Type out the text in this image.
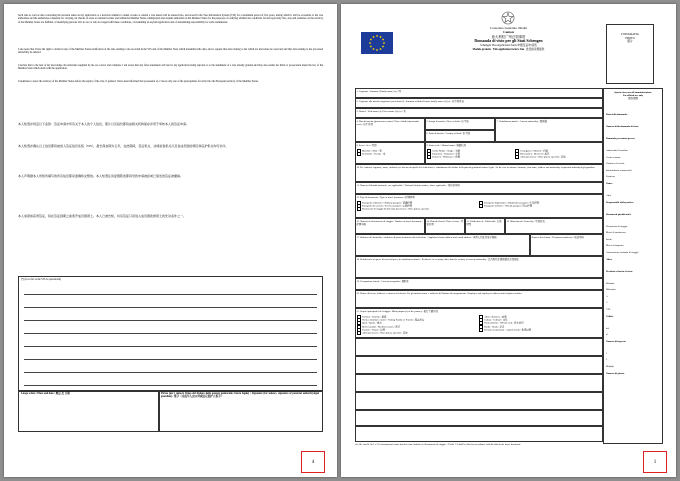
Such data as well as data concerning the decision taken on my application or a decision whether to annul, revoke or extend a visa issued will be entered into, and stored in the Visa Information System (VIS) for a maximum period of five years, during which it will be accessible to the visa authorities and the authorities competent for carrying out checks on visas at external borders and within the Member States, immigration and asylum authorities in the Member States for the purposes of verifying whether the conditions for the legal entry into, stay and residence on the territory of the Member States are fulfilled, of identifying persons who do not or who no longer fulfil these conditions, of examining an asylum application and of determining responsibility for such examination.
I am aware that I have the right to obtain in any of the Member States notification of the data relating to me recorded in the VIS and of the Member State which transmitted the data, and to request that data relating to me which are inaccurate be corrected and that data relating to me processed unlawfully be deleted.
I declare that to the best of my knowledge all particulars supplied by me are correct and complete. I am aware that any false statements will lead to my application being rejected or to the annulment of a visa already granted and may also render me liable to prosecution under the law of the Member State which deals with the application.
I undertake to leave the territory of the Member States before the expiry of the visa, if granted. I have been informed that possession of a visa is only one of the prerequisites for entry into the European territory of the Member States.
本人知悉并同意以下条款：签证申请中所有关于本人的个人信息，照片以及指纹都将由相关机构保存并用于审核本人的签证申请。
本人知悉并确认以上信息都将被录入签证信息系统（VIS），最长保存期为五年，在此期间，签证机关、边境检查机关以及各成员国的移民和庇护机关均可访问。
本人声明据本人所知所填写的所有信息都是准确和完整的。本人知悉任何虚假陈述都将导致申请被拒或已颁发的签证被撤销。
本人承诺如获得签证，将在签证到期之前离开成员国领土。本人已被告知，持有签证只是进入成员国欧洲领土的先决条件之一。
(*) (in so far as the VIS is operational)
Luogo e data / Place and date / 地点 及 日期	Firma (per i minori, firma del titolare della potestà genitoriale /tutore legale) / Signature (for minors, signature of parental authority/legal guardian) / 签字（未成年人由父母或法定监护人签字）
4
Consolato Generale d'Italia
Canton
意大利驻广州总领事馆
Domanda di visto per gli Stati Schengen
Schengen Visa Application form 申根签证申请表
Modulo gratuito This application form is free 此表格免费提供
FOTOGRAFIA
PHOTO
照片
1. Cognome / Surname (Family name) (x) / 姓
2. Cognome alla nascita (cognome/i precedente/i) / Surname at birth (Former family name (s)) (x) / 出生时姓氏
3. Nome/i / First name (s) (Given name (s)) (x) / 名
4. Data di nascita (giorno-mese-anno) / Date of birth (day-month-year) / 出生日期
5. Luogo di nascita / Place of birth / 出生地
6. Stato di nascita / Country of birth / 出生国
7. Cittadinanza attuale / Current nationality / 现国籍
8. Sesso / Sex / 性别	9. Stato civile / Marital status / 婚姻状况
10. Per i minori: cognome, nome, indirizzo (se diverso da quello del richiedente) e cittadinanza del titolare della potestà genitoriale/tutore legale / In the case of minors: Surname, first name, address and nationality of parental authority/legal guardian
11. Numero d'identità nazionale, ove applicabile / National identity number, where applicable / 身份证号码
12. Tipo di documento / Type of travel document / 护照种类
13. Numero del documento di viaggio / Number of travel document / 护照号码
14. Data di rilascio / Date of issue / 签发日期
15. Valido fino al / Valid until / 有效期至
16. Rilasciato da / Issued by / 签发机关
17. Indirizzo del domicilio e indirizzo di posta elettronica del richiedente / Applicant's home address and e-mail address / 申请人住址及电子邮箱	Numero di telefono / Telephone number(s) / 电话号码
18. Residenza in un paese diverso dal paese di cittadinanza attuale / Residence in a country other than the country of current nationality / 是否居住在现国籍以外的国家
19. Occupazione attuale / Current occupation / 现职业
20. Datore di lavoro, indirizzo e numero di telefono. Per gli studenti nome e indirizzo dell'istituto di insegnamento / Employer and employer's address and telephone number
21. Scopo/i principale/i del viaggio / Main purpose(s) of the journey / 旅行主要目的
Maschile / Male / 男
Femminile / Female / 女
Celibe/Nubile / Single / 未婚	Coniugato/a / Married / 已婚
Separato/a / Separated / 分居	Divorziato/a / Divorced / 离异
Vedovo/a / Widow(er) / 丧偶	Altro (precisare) / Other (please specify) / 其他
Passaporto ordinario / Ordinary passport / 普通护照	Passaporto diplomatico / Diplomatic passport / 外交护照
Passaporto di servizio / Service passport / 公务护照	Passaporto ufficiale / Official passport / 因公护照
Documento di viaggio di altro tipo (precisare) / Other (please specify)
Turismo / Tourism / 旅游	Affari / Business / 商务
Visita a familiari o amici / Visiting Family or Friends / 探亲访友	Cultura / Cultural / 文化
Sport / Sports / 体育	Visita ufficiale / Official visit / 官方访问
Motivi sanitari / Medical reasons / 医疗	Studio / Study / 学习
Transito / Transit / 过境	Transito aeroportuale / Airport transit / 机场过境
Altro (precisare) / Other (please specify) / 其他
Spazio riservato all'amministrazione
For official use only
官方专用
Data della domanda:
Numero della domanda di visto:
Domanda presentata presso:
Ambasciata/Consolato
Centro comune
Fornitore di servizi
Intermediario commerciale
Frontiera
Nome:
Altro
Responsabile della pratica:
Documenti giustificativi:
Documento di viaggio
Mezzi di sussistenza
Invito
Mezzi di trasporto
Assicurazione sanitaria di viaggio
Altro:
Decisione relativa al visto:
Rifiutato
Rilasciato
A
C
VTL
Valido:
dal
al
Numero di ingressi:
1
2
Multipli
Numero di giorni:
(x) Alle caselle da 1 a 3 le informazioni vanno inserite come indicate nel documento di viaggio. / Fields 1-3 shall be filled in accordance with the data in the travel document.
1
